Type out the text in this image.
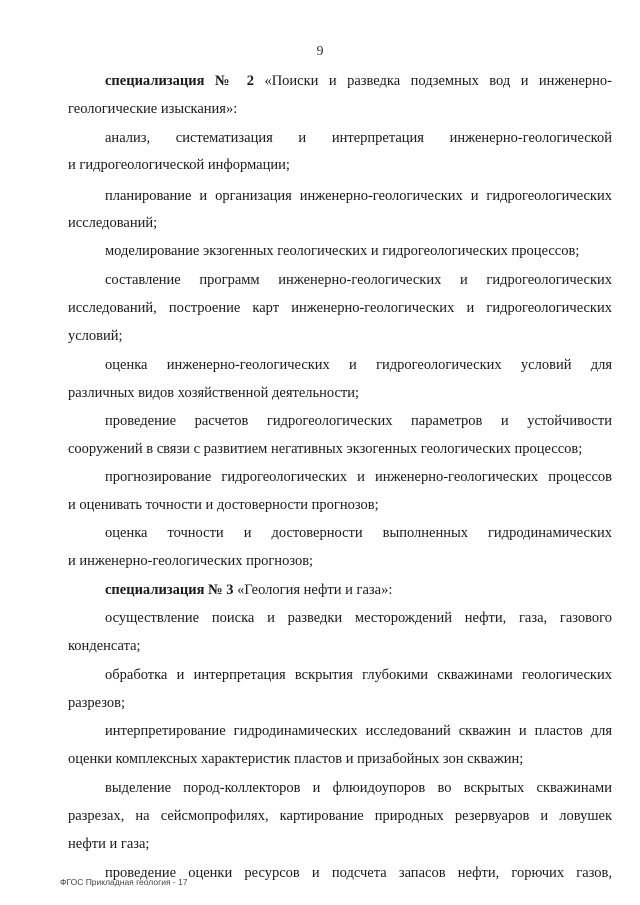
9
специализация № 2 «Поиски и разведка подземных вод и инженерно-
геологические изыскания»:
анализ, систематизация и интерпретация инженерно-геологической
и гидрогеологической информации;
планирование и организация инженерно-геологических и гидрогеологических
исследований;
моделирование экзогенных геологических и гидрогеологических процессов;
составление программ инженерно-геологических и гидрогеологических
исследований, построение карт инженерно-геологических и гидрогеологических
условий;
оценка инженерно-геологических и гидрогеологических условий для
различных видов хозяйственной деятельности;
проведение расчетов гидрогеологических параметров и устойчивости
сооружений в связи с развитием негативных экзогенных геологических процессов;
прогнозирование гидрогеологических и инженерно-геологических процессов
и оценивать точности и достоверности прогнозов;
оценка точности и достоверности выполненных гидродинамических
и инженерно-геологических прогнозов;
специализация № 3 «Геология нефти и газа»:
осуществление поиска и разведки месторождений нефти, газа, газового
конденсата;
обработка и интерпретация вскрытия глубокими скважинами геологических
разрезов;
интерпретирование гидродинамических исследований скважин и пластов для
оценки комплексных характеристик пластов и призабойных зон скважин;
выделение пород-коллекторов и флюидоупоров во вскрытых скважинами
разрезах, на сейсмопрофилях, картирование природных резервуаров и ловушек
нефти и газа;
проведение оценки ресурсов и подсчета запасов нефти, горючих газов,
ФГОС Прикладная геология - 17
